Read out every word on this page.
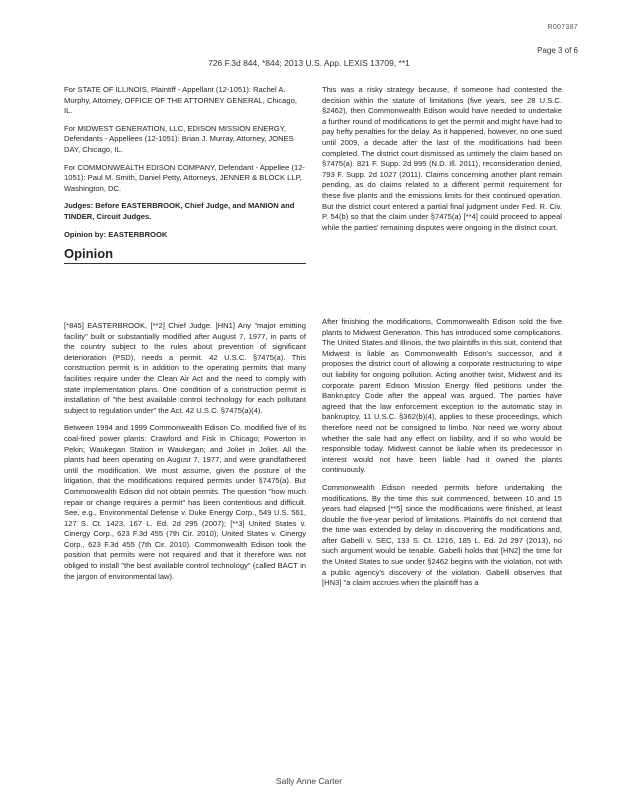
R007387
Page 3 of 6
726 F.3d 844, *844; 2013 U.S. App. LEXIS 13709, **1

For STATE OF ILLINOIS, Plaintiff - Appellant (12-1051): Rachel A. Murphy, Attorney, OFFICE OF THE ATTORNEY GENERAL, Chicago, IL.

For MIDWEST GENERATION, LLC, EDISON MISSION ENERGY, Defendants - Appellees (12-1051): Brian J. Murray, Attorney, JONES DAY, Chicago, IL.

For COMMONWEALTH EDISON COMPANY, Defendant - Appellee (12-1051): Paul M. Smith, Daniel Petty, Attorneys, JENNER & BLOCK LLP, Washington, DC.

Judges: Before EASTERBROOK, Chief Judge, and MANION and TINDER, Circuit Judges.

Opinion by: EASTERBROOK

Opinion

[*845] EASTERBROOK, [**2] Chief Judge. [HN1] Any "major emitting facility" built or substantially modified after August 7, 1977, in parts of the country subject to the rules about prevention of significant deterioration (PSD), needs a permit. 42 U.S.C. §7475(a). This construction permit is in addition to the operating permits that many facilities require under the Clean Air Act and the need to comply with state implementation plans. One condition of a construction permit is installation of "the best available control technology for each pollutant subject to regulation under" the Act. 42 U.S.C. §7475(a)(4).

Between 1994 and 1999 Commonwealth Edison Co. modified five of its coal-fired power plants: Crawford and Fisk in Chicago; Powerton in Pekin; Waukegan Station in Waukegan; and Joliet in Joliet. All the plants had been operating on August 7, 1977, and were grandfathered until the modification. We must assume, given the posture of the litigation, that the modifications required permits under §7475(a). But Commonwealth Edison did not obtain permits. The question "how much repair or change requires a permit" has been contentious and difficult. See, e.g., Environmental Defense v. Duke Energy Corp., 549 U.S. 561, 127 S. Ct. 1423, 167 L. Ed. 2d 295 (2007); [**3] United States v. Cinergy Corp., 623 F.3d 455 (7th Cir. 2010); United States v. Cinergy Corp., 623 F.3d 455 (7th Cir. 2010). Commonwealth Edison took the position that permits were not required and that it therefore was not obliged to install "the best available control technology" (called BACT in the jargon of environmental law).

This was a risky strategy because, if someone had contested the decision within the statute of limitations (five years, see 28 U.S.C. §2462), then Commonwealth Edison would have needed to undertake a further round of modifications to get the permit and might have had to pay hefty penalties for the delay. As it happened, however, no one sued until 2009, a decade after the last of the modifications had been completed. The district court dismissed as untimely the claim based on §7475(a). 821 F. Supp. 2d 995 (N.D. Ill. 2011), reconsideration denied, 793 F. Supp. 2d 1027 (2011). Claims concerning another plant remain pending, as do claims related to a different permit requirement for these five plants and the emissions limits for their continued operation. But the district court entered a partial final judgment under Fed. R. Civ. P. 54(b) so that the claim under §7475(a) [**4] could proceed to appeal while the parties' remaining disputes were ongoing in the district court.

After finishing the modifications, Commonwealth Edison sold the five plants to Midwest Generation. This has introduced some complications. The United States and Illinois, the two plaintiffs in this suit, contend that Midwest is liable as Commonwealth Edison's successor, and it proposes the district court of allowing a corporate restructuring to wipe out liability for ongoing pollution. Acting another twist, Midwest and its corporate parent Edison Mission Energy filed petitions under the Bankruptcy Code after the appeal was argued. The parties have agreed that the law enforcement exception to the automatic stay in bankruptcy, 11 U.S.C. §362(b)(4), applies to these proceedings, which therefore need not be consigned to limbo. Nor need we worry about whether the sale had any effect on liability, and if so who would be responsible today. Midwest cannot be liable when its predecessor in interest would not have been liable had it owned the plants continuously.

Commonwealth Edison needed permits before undertaking the modifications. By the time this suit commenced, between 10 and 15 years had elapsed [**5] since the modifications were finished, at least double the five-year period of limitations. Plaintiffs do not contend that the time was extended by delay in discovering the modifications and, after Gabelli v. SEC, 133 S. Ct. 1216, 185 L. Ed. 2d 297 (2013), no such argument would be tenable. Gabelli holds that [HN2] the time for the United States to sue under §2462 begins with the violation, not with a public agency's discovery of the violation. Gabelli observes that [HN3] "a claim accrues when the plaintiff has a

Sally Anne Carter
